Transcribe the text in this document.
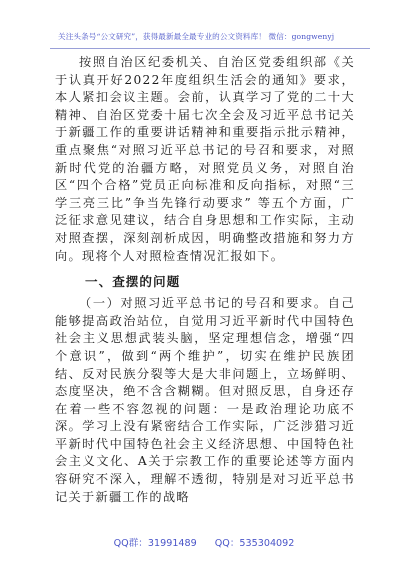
关注头条号“公文研究”，获得最新最全最专业的公文资料库！ 微信：gongwenyj

按照自治区纪委机关、自治区党委组织部《关于认真开好2022年度组织生活会的通知》要求，本人紧扣会议主题。会前，认真学习了党的二十大精神、自治区党委十届七次全会及习近平总书记关于新疆工作的重要讲话精神和重要指示批示精神，重点聚焦“对照习近平总书记的号召和要求，对照新时代党的治疆方略，对照党员义务，对照自治区“四个合格”党员正向标准和反向指标，对照“三学三亮三比”争当先锋行动要求” 等五个方面，广泛征求意见建议，结合自身思想和工作实际，主动对照查摆，深刻剖析成因，明确整改措施和努力方向。现将个人对照检查情况汇报如下。

一、查摆的问题

（一）对照习近平总书记的号召和要求。自己能够提高政治站位，自觉用习近平新时代中国特色社会主义思想武装头脑，坚定理想信念，增强“四个意识”，做到“两个维护”，切实在维护民族团结、反对民族分裂等大是大非问题上，立场鲜明、态度坚决，绝不含含糊糊。但对照反思，自身还存在着一些不容忽视的问题：一是政治理论功底不深。学习上没有紧密结合工作实际，广泛涉猎习近平新时代中国特色社会主义经济思想、中国特色社会主义文化、A关于宗教工作的重要论述等方面内容研究不深入，理解不透彻，特别是对习近平总书记关于新疆工作的战略

QQ群：31991489 QQ：535304092
